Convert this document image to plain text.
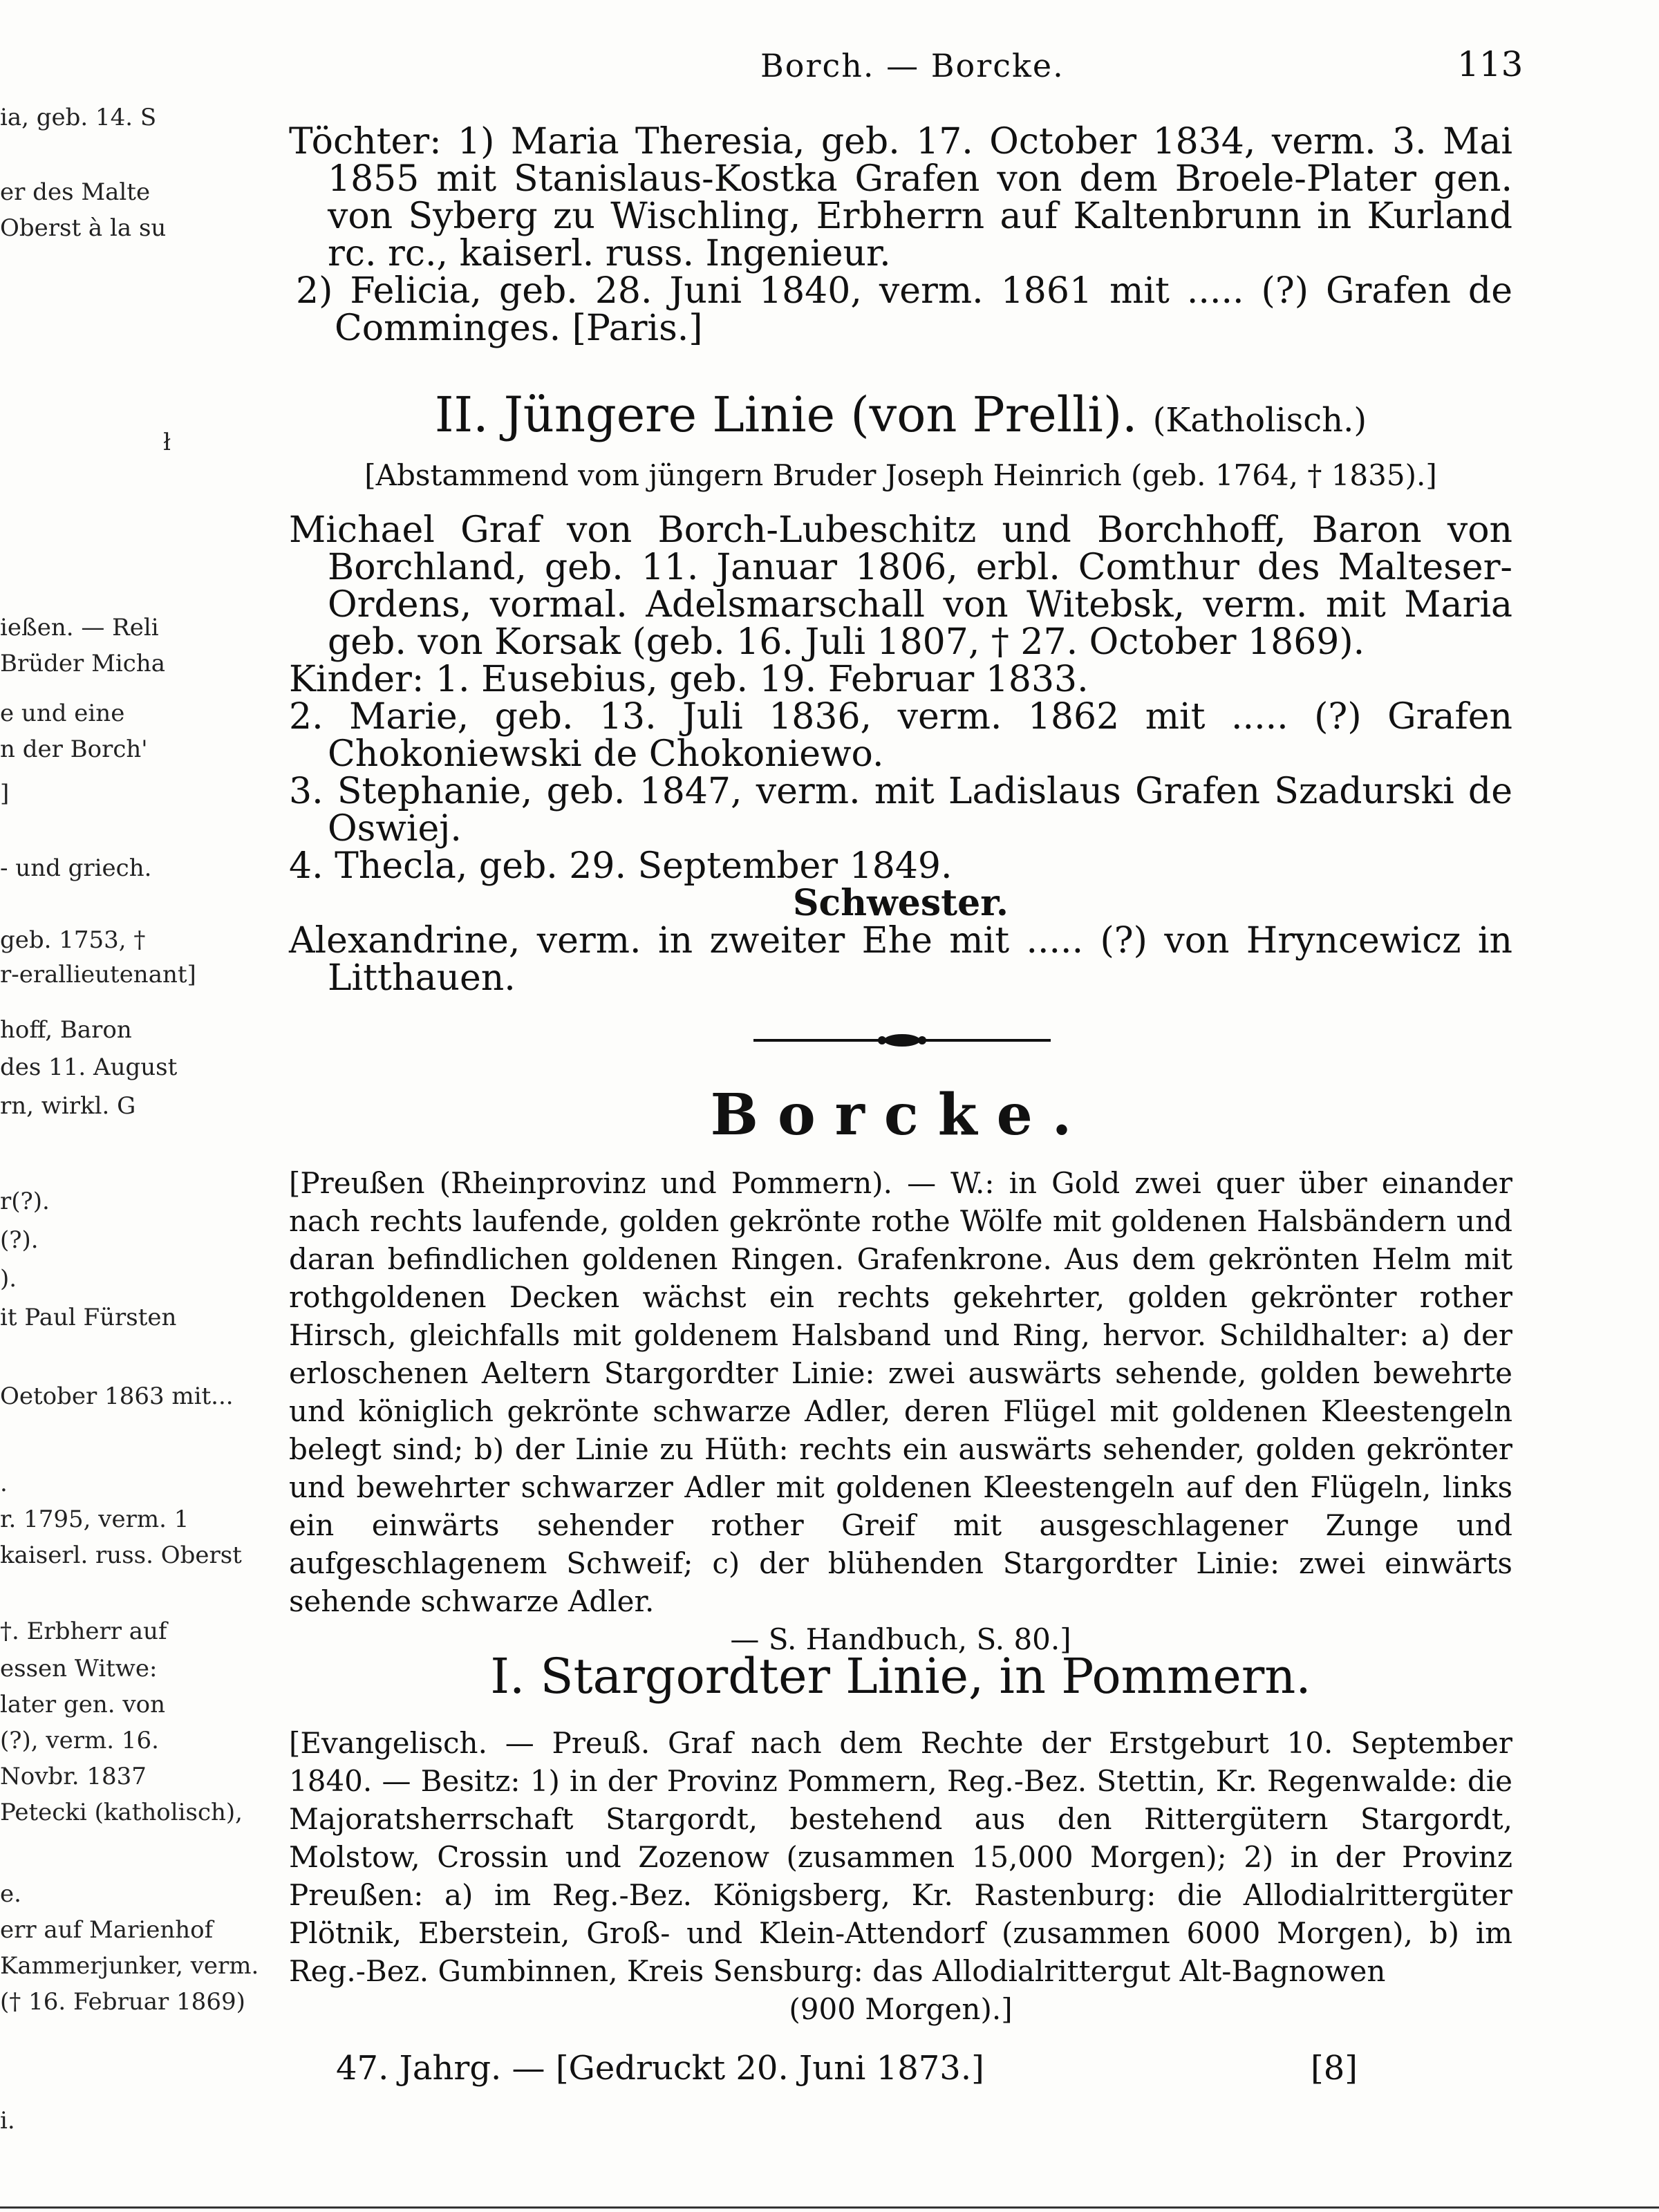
ia, geb. 14. S
er des Malte
Oberst à la su
ł
ießen. — Reli
Brüder Micha
e und eine
n der Borch'
]
- und griech.
geb. 1753, †
r-erallieutenant]
hoff, Baron
des 11. August
rn, wirkl. G
r(?).
(?).
).
it Paul Fürsten
Oetober 1863 mit...
.
r. 1795, verm. 1
kaiserl. russ. Oberst
†. Erbherr auf
essen Witwe:
later gen. von
(?), verm. 16.
Novbr. 1837
Petecki (katholisch),
e.
err auf Marienhof
Kammerjunker, verm.
(† 16. Februar 1869)
i.
Borch. — Borcke.	113

Töchter: 1) Maria Theresia, geb. 17. October 1834, verm. 3. Mai 1855 mit Stanislaus-Kostka Grafen von dem Broele-Plater gen. von Syberg zu Wischling, Erbherrn auf Kaltenbrunn in Kurland rc. rc., kaiserl. russ. Ingenieur.

2) Felicia, geb. 28. Juni 1840, verm. 1861 mit ..... (?) Grafen de Comminges. [Paris.]

II. Jüngere Linie (von Prelli). (Katholisch.)

[Abstammend vom jüngern Bruder Joseph Heinrich (geb. 1764, † 1835).]

Michael Graf von Borch-Lubeschitz und Borchhoff, Baron von Borchland, geb. 11. Januar 1806, erbl. Comthur des Malteser-Ordens, vormal. Adelsmarschall von Witebsk, verm. mit Maria geb. von Korsak (geb. 16. Juli 1807, † 27. October 1869).

Kinder: 1. Eusebius, geb. 19. Februar 1833.

2. Marie, geb. 13. Juli 1836, verm. 1862 mit ..... (?) Grafen Chokoniewski de Chokoniewo.

3. Stephanie, geb. 1847, verm. mit Ladislaus Grafen Szadurski de Oswiej.

4. Thecla, geb. 29. September 1849.

Schwester.

Alexandrine, verm. in zweiter Ehe mit ..... (?) von Hryncewicz in Litthauen.

Borcke.

[Preußen (Rheinprovinz und Pommern). — W.: in Gold zwei quer über einander nach rechts laufende, golden gekrönte rothe Wölfe mit goldenen Halsbändern und daran befindlichen goldenen Ringen. Grafenkrone. Aus dem gekrönten Helm mit rothgoldenen Decken wächst ein rechts gekehrter, golden gekrönter rother Hirsch, gleichfalls mit goldenem Halsband und Ring, hervor. Schildhalter: a) der erloschenen Aeltern Stargordter Linie: zwei auswärts sehende, golden bewehrte und königlich gekrönte schwarze Adler, deren Flügel mit goldenen Kleestengeln belegt sind; b) der Linie zu Hüth: rechts ein auswärts sehender, golden gekrönter und bewehrter schwarzer Adler mit goldenen Kleestengeln auf den Flügeln, links ein einwärts sehender rother Greif mit ausgeschlagener Zunge und aufgeschlagenem Schweif; c) der blühenden Stargordter Linie: zwei einwärts sehende schwarze Adler.

— S. Handbuch, S. 80.]

I. Stargordter Linie, in Pommern.

[Evangelisch. — Preuß. Graf nach dem Rechte der Erstgeburt 10. September 1840. — Besitz: 1) in der Provinz Pommern, Reg.-Bez. Stettin, Kr. Regenwalde: die Majoratsherrschaft Stargordt, bestehend aus den Rittergütern Stargordt, Molstow, Crossin und Zozenow (zusammen 15,000 Morgen); 2) in der Provinz Preußen: a) im Reg.-Bez. Königsberg, Kr. Rastenburg: die Allodialrittergüter Plötnik, Eberstein, Groß- und Klein-Attendorf (zusammen 6000 Morgen), b) im Reg.-Bez. Gumbinnen, Kreis Sensburg: das Allodialrittergut Alt-Bagnowen

(900 Morgen).]

47. Jahrg. — [Gedruckt 20. Juni 1873.]	[8]
